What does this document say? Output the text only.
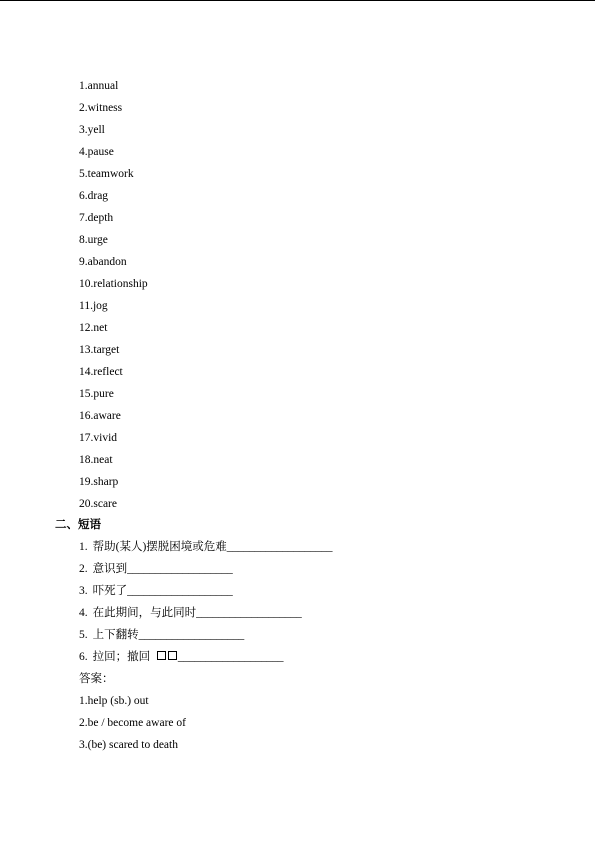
1.annual
2.witness
3.yell
4.pause
5.teamwork
6.drag
7.depth
8.urge
9.abandon
10.relationship
11.jog
12.net
13.target
14.reflect
15.pure
16.aware
17.vivid
18.neat
19.sharp
20.scare
二、短语
1. 帮助(某人)摆脱困境或危难___________________
2. 意识到___________________
3. 吓死了___________________
4. 在此期间，与此同时___________________
5. 上下翻转___________________
6. 拉回；撤回 ___________________
答案：
1.help (sb.) out
2.be / become aware of
3.(be) scared to death
